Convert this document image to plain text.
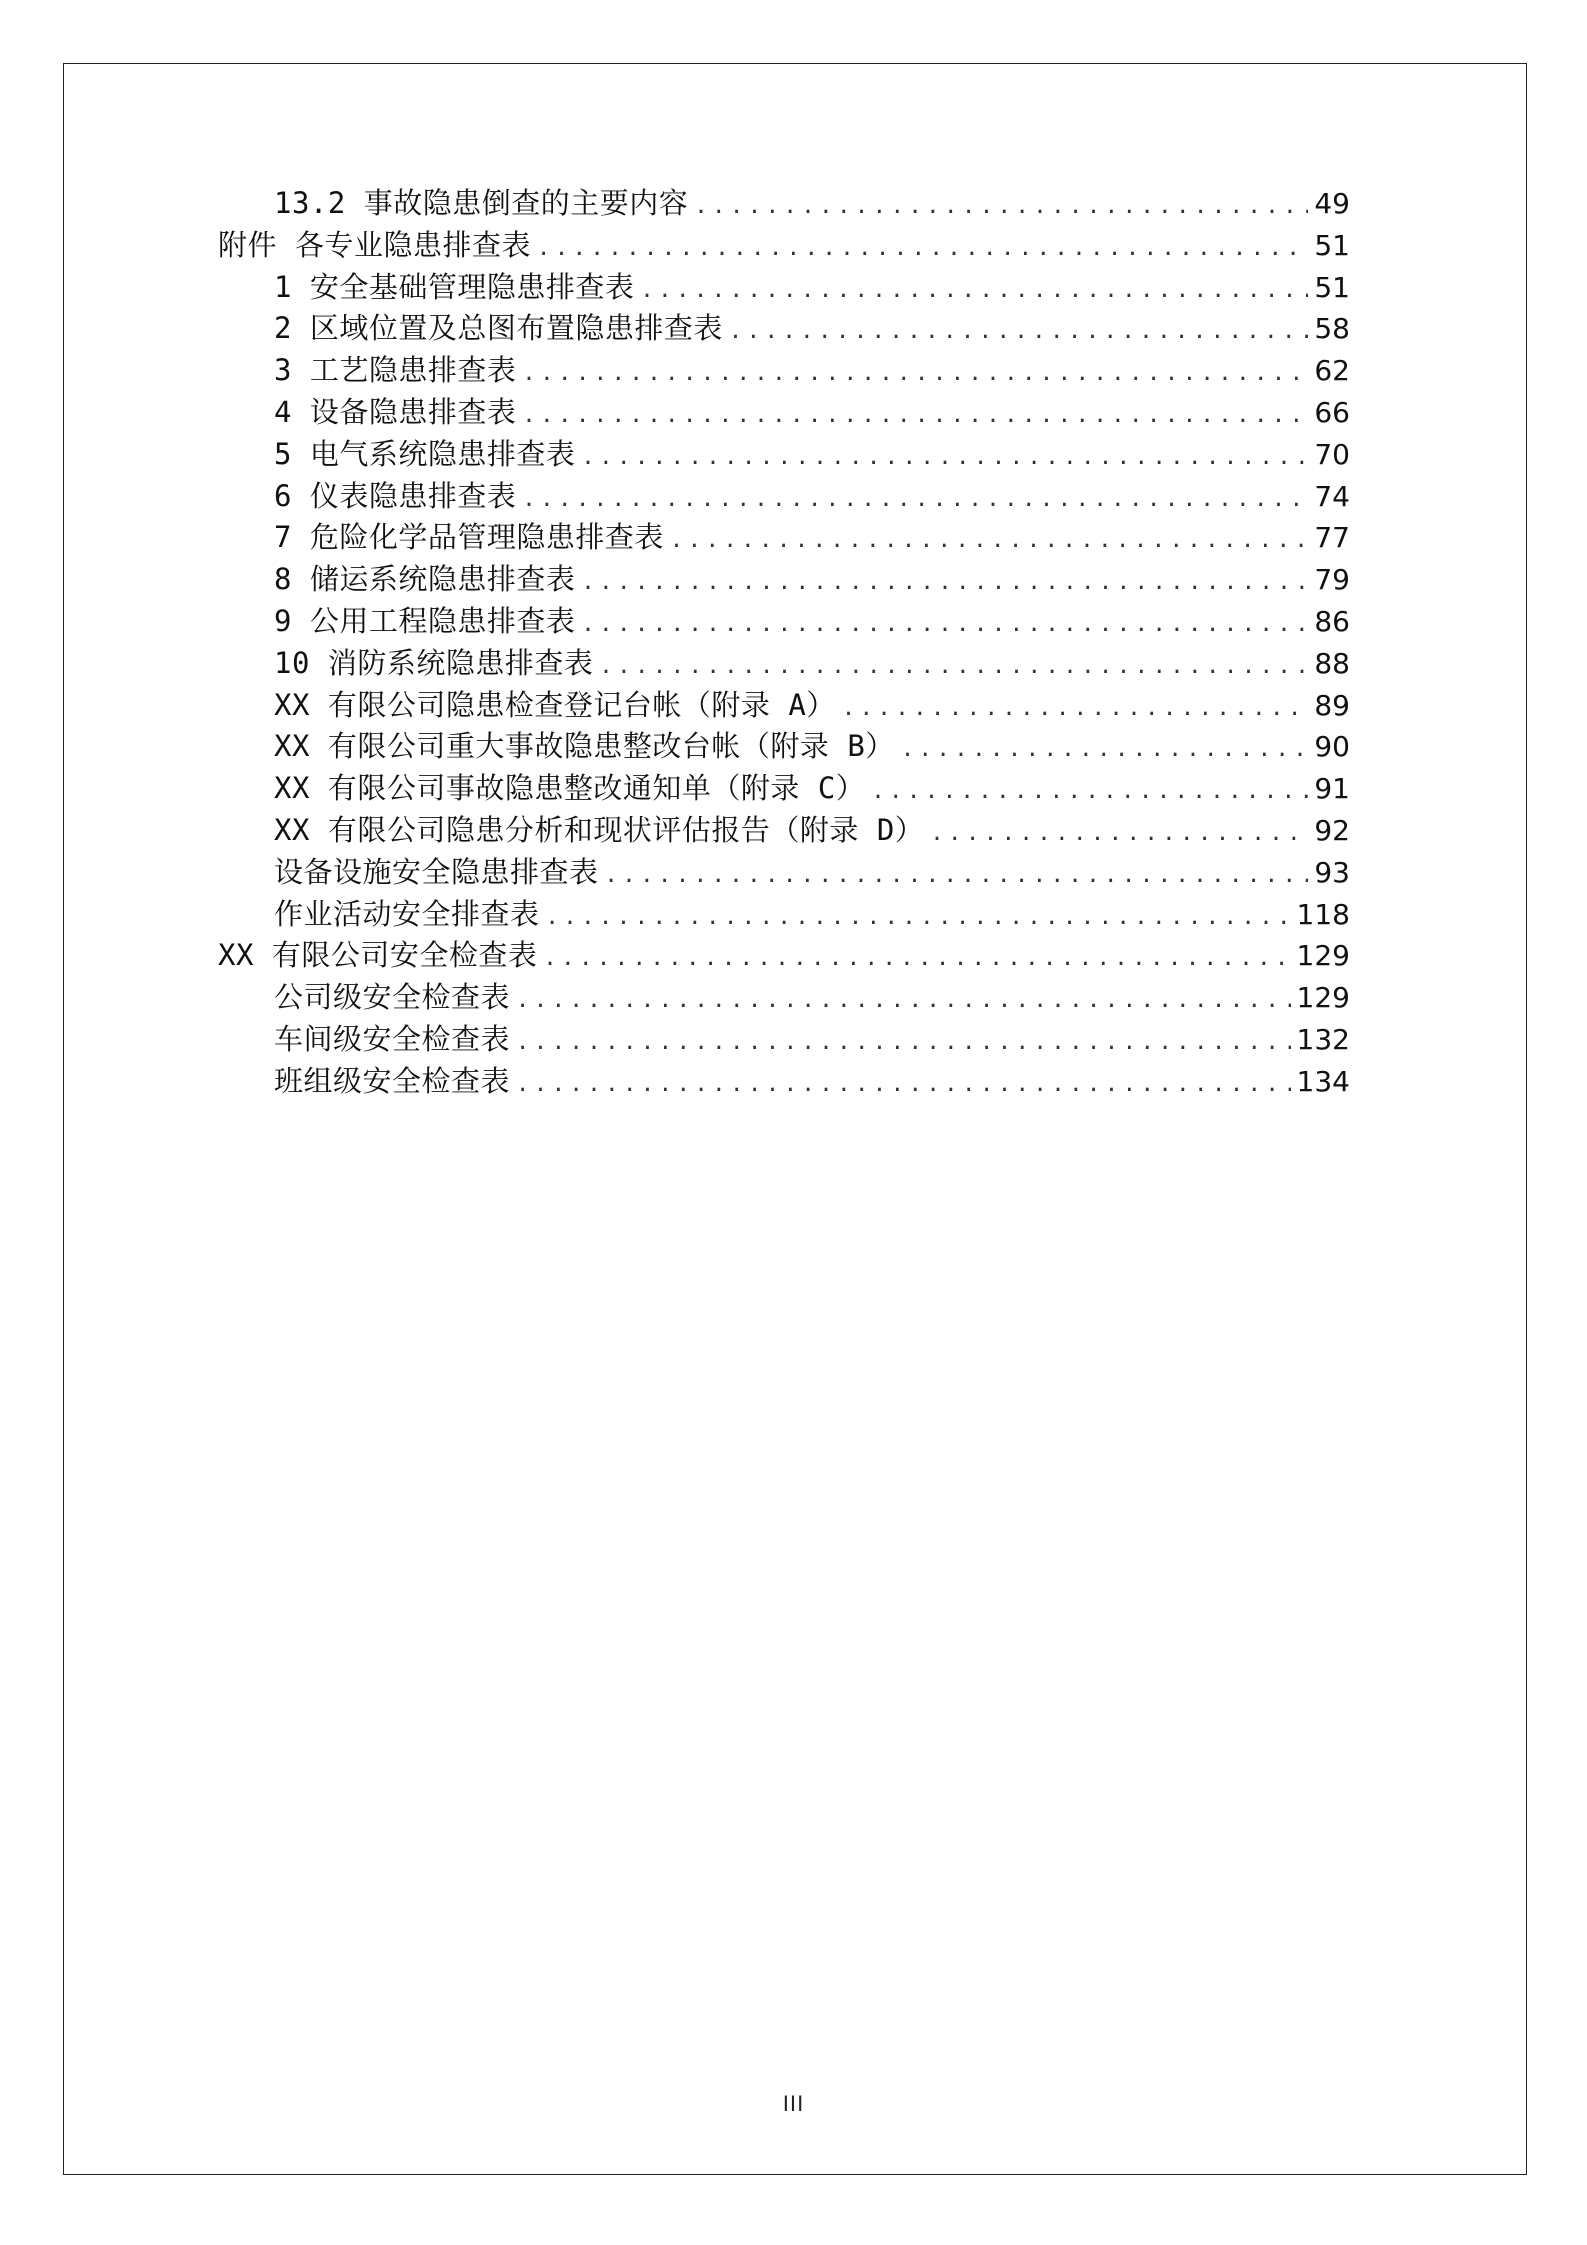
13.2 事故隐患倒查的主要内容 .....	49
附件 各专业隐患排查表 .....	51
1 安全基础管理隐患排查表 .....	51
2 区域位置及总图布置隐患排查表 .....	58
3 工艺隐患排查表 .....	62
4 设备隐患排查表 .....	66
5 电气系统隐患排查表 .....	70
6 仪表隐患排查表 .....	74
7 危险化学品管理隐患排查表 .....	77
8 储运系统隐患排查表 .....	79
9 公用工程隐患排查表 .....	86
10 消防系统隐患排查表 .....	88
XX 有限公司隐患检查登记台帐（附录 A） .....	89
XX 有限公司重大事故隐患整改台帐（附录 B） .....	90
XX 有限公司事故隐患整改通知单（附录 C） .....	91
XX 有限公司隐患分析和现状评估报告（附录 D） .....	92
设备设施安全隐患排查表 .....	93
作业活动安全排查表 .....	118
XX 有限公司安全检查表 .....	129
公司级安全检查表 .....	129
车间级安全检查表 .....	132
班组级安全检查表 .....	134
III
